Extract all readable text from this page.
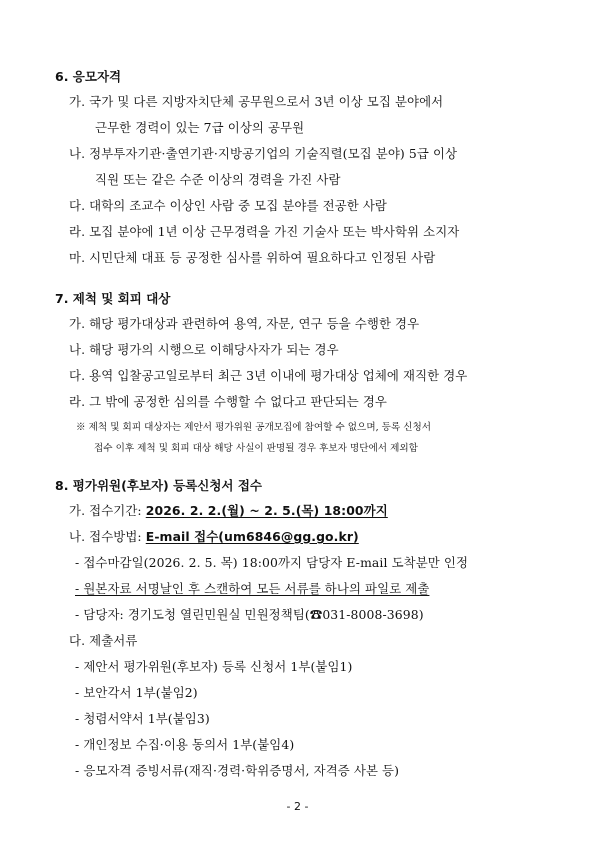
6. 응모자격
가. 국가 및 다른 지방자치단체 공무원으로서 3년 이상 모집 분야에서
근무한 경력이 있는 7급 이상의 공무원
나. 정부투자기관·출연기관·지방공기업의 기술직렬(모집 분야) 5급 이상
직원 또는 같은 수준 이상의 경력을 가진 사람
다. 대학의 조교수 이상인 사람 중 모집 분야를 전공한 사람
라. 모집 분야에 1년 이상 근무경력을 가진 기술사 또는 박사학위 소지자
마. 시민단체 대표 등 공정한 심사를 위하여 필요하다고 인정된 사람
7. 제척 및 회피 대상
가. 해당 평가대상과 관련하여 용역, 자문, 연구 등을 수행한 경우
나. 해당 평가의 시행으로 이해당사자가 되는 경우
다. 용역 입찰공고일로부터 최근 3년 이내에 평가대상 업체에 재직한 경우
라. 그 밖에 공정한 심의를 수행할 수 없다고 판단되는 경우
※ 제척 및 회피 대상자는 제안서 평가위원 공개모집에 참여할 수 없으며, 등록 신청서
접수 이후 제척 및 회피 대상 해당 사실이 판명될 경우 후보자 명단에서 제외함
8. 평가위원(후보자) 등록신청서 접수
가. 접수기간: 2026. 2. 2.(월) ~ 2. 5.(목) 18:00까지
나. 접수방법: E-mail 접수(um6846@gg.go.kr)
- 접수마감일(2026. 2. 5. 목) 18:00까지 담당자 E-mail 도착분만 인정
- 원본자료 서명날인 후 스캔하여 모든 서류를 하나의 파일로 제출
- 담당자: 경기도청 열린민원실 민원정책팀(☎031-8008-3698)
다. 제출서류
- 제안서 평가위원(후보자) 등록 신청서 1부(붙임1)
- 보안각서 1부(붙임2)
- 청렴서약서 1부(붙임3)
- 개인정보 수집·이용 동의서 1부(붙임4)
- 응모자격 증빙서류(재직·경력·학위증명서, 자격증 사본 등)
- 2 -
